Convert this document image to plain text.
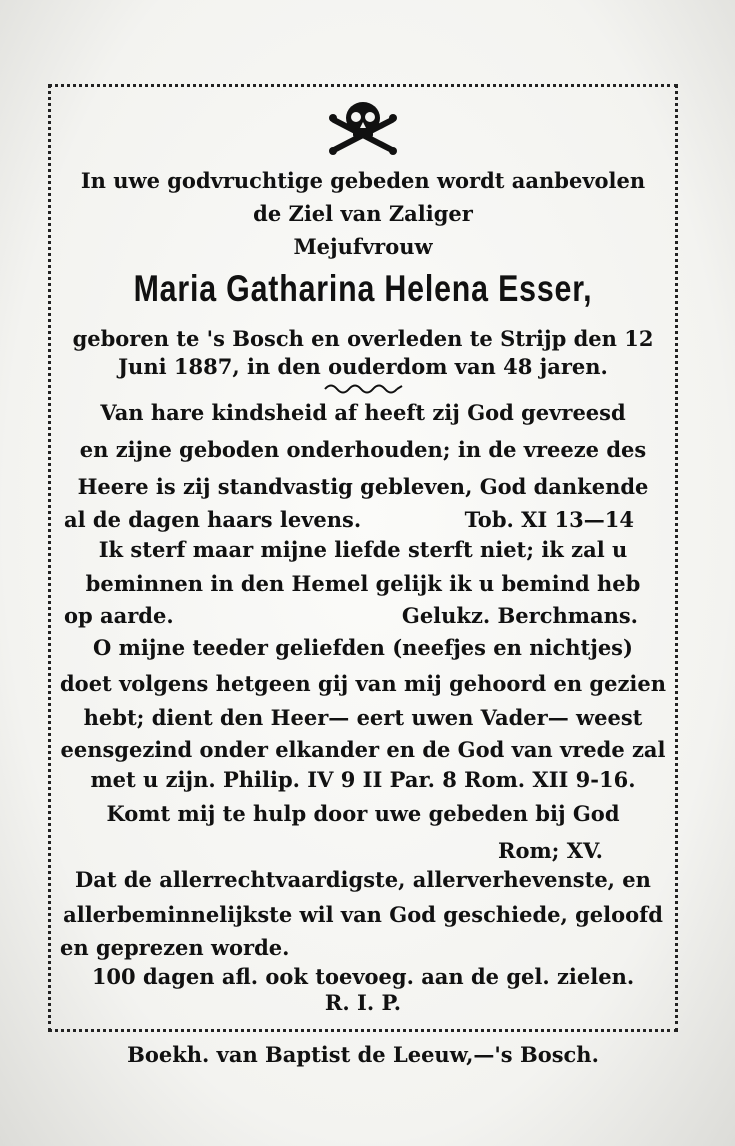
In uwe godvruchtige gebeden wordt aanbevolen
de Ziel van Zaliger
Mejufvrouw
Maria Gatharina Helena Esser,
geboren te 's Bosch en overleden te Strijp den 12
Juni 1887, in den ouderdom van 48 jaren.
Van hare kindsheid af heeft zij God gevreesd
en zijne geboden onderhouden; in de vreeze des
Heere is zij standvastig gebleven, God dankende
al de dagen haars levens.	Tob. XI 13—14
Ik sterf maar mijne liefde sterft niet; ik zal u
beminnen in den Hemel gelijk ik u bemind heb
op aarde.	Gelukz. Berchmans.
O mijne teeder geliefden (neefjes en nichtjes)
doet volgens hetgeen gij van mij gehoord en gezien
hebt; dient den Heer— eert uwen Vader— weest
eensgezind onder elkander en de God van vrede zal
met u zijn. Philip. IV 9 II Par. 8 Rom. XII 9-16.
Komt mij te hulp door uwe gebeden bij God
Rom; XV.
Dat de allerrechtvaardigste, allerverhevenste, en
allerbeminnelijkste wil van God geschiede, geloofd
en geprezen worde.
100 dagen afl. ook toevoeg. aan de gel. zielen.
R. I. P.
Boekh. van Baptist de Leeuw,—'s Bosch.
